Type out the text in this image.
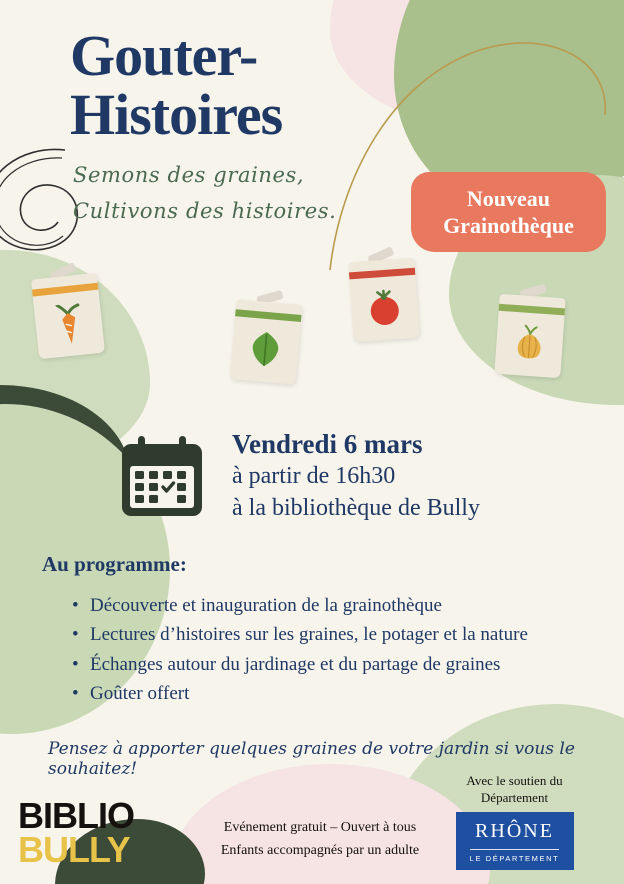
Nouveau
Grainothèque
Gouter-
Histoires
Semons des graines,
Cultivons des histoires.
Vendredi 6 mars
à partir de 16h30
à la bibliothèque de Bully
Au programme:
• Découverte et inauguration de la grainothèque
• Lectures d’histoires sur les graines, le potager et la nature
• Échanges autour du jardinage et du partage de graines
• Goûter offert
Pensez à apporter quelques graines de votre jardin si vous le souhaitez!
BIBLIO
BULLY
Evénement gratuit – Ouvert à tous
Enfants accompagnés par un adulte
Avec le soutien du
Département
RHÔNE
LE DÉPARTEMENT
